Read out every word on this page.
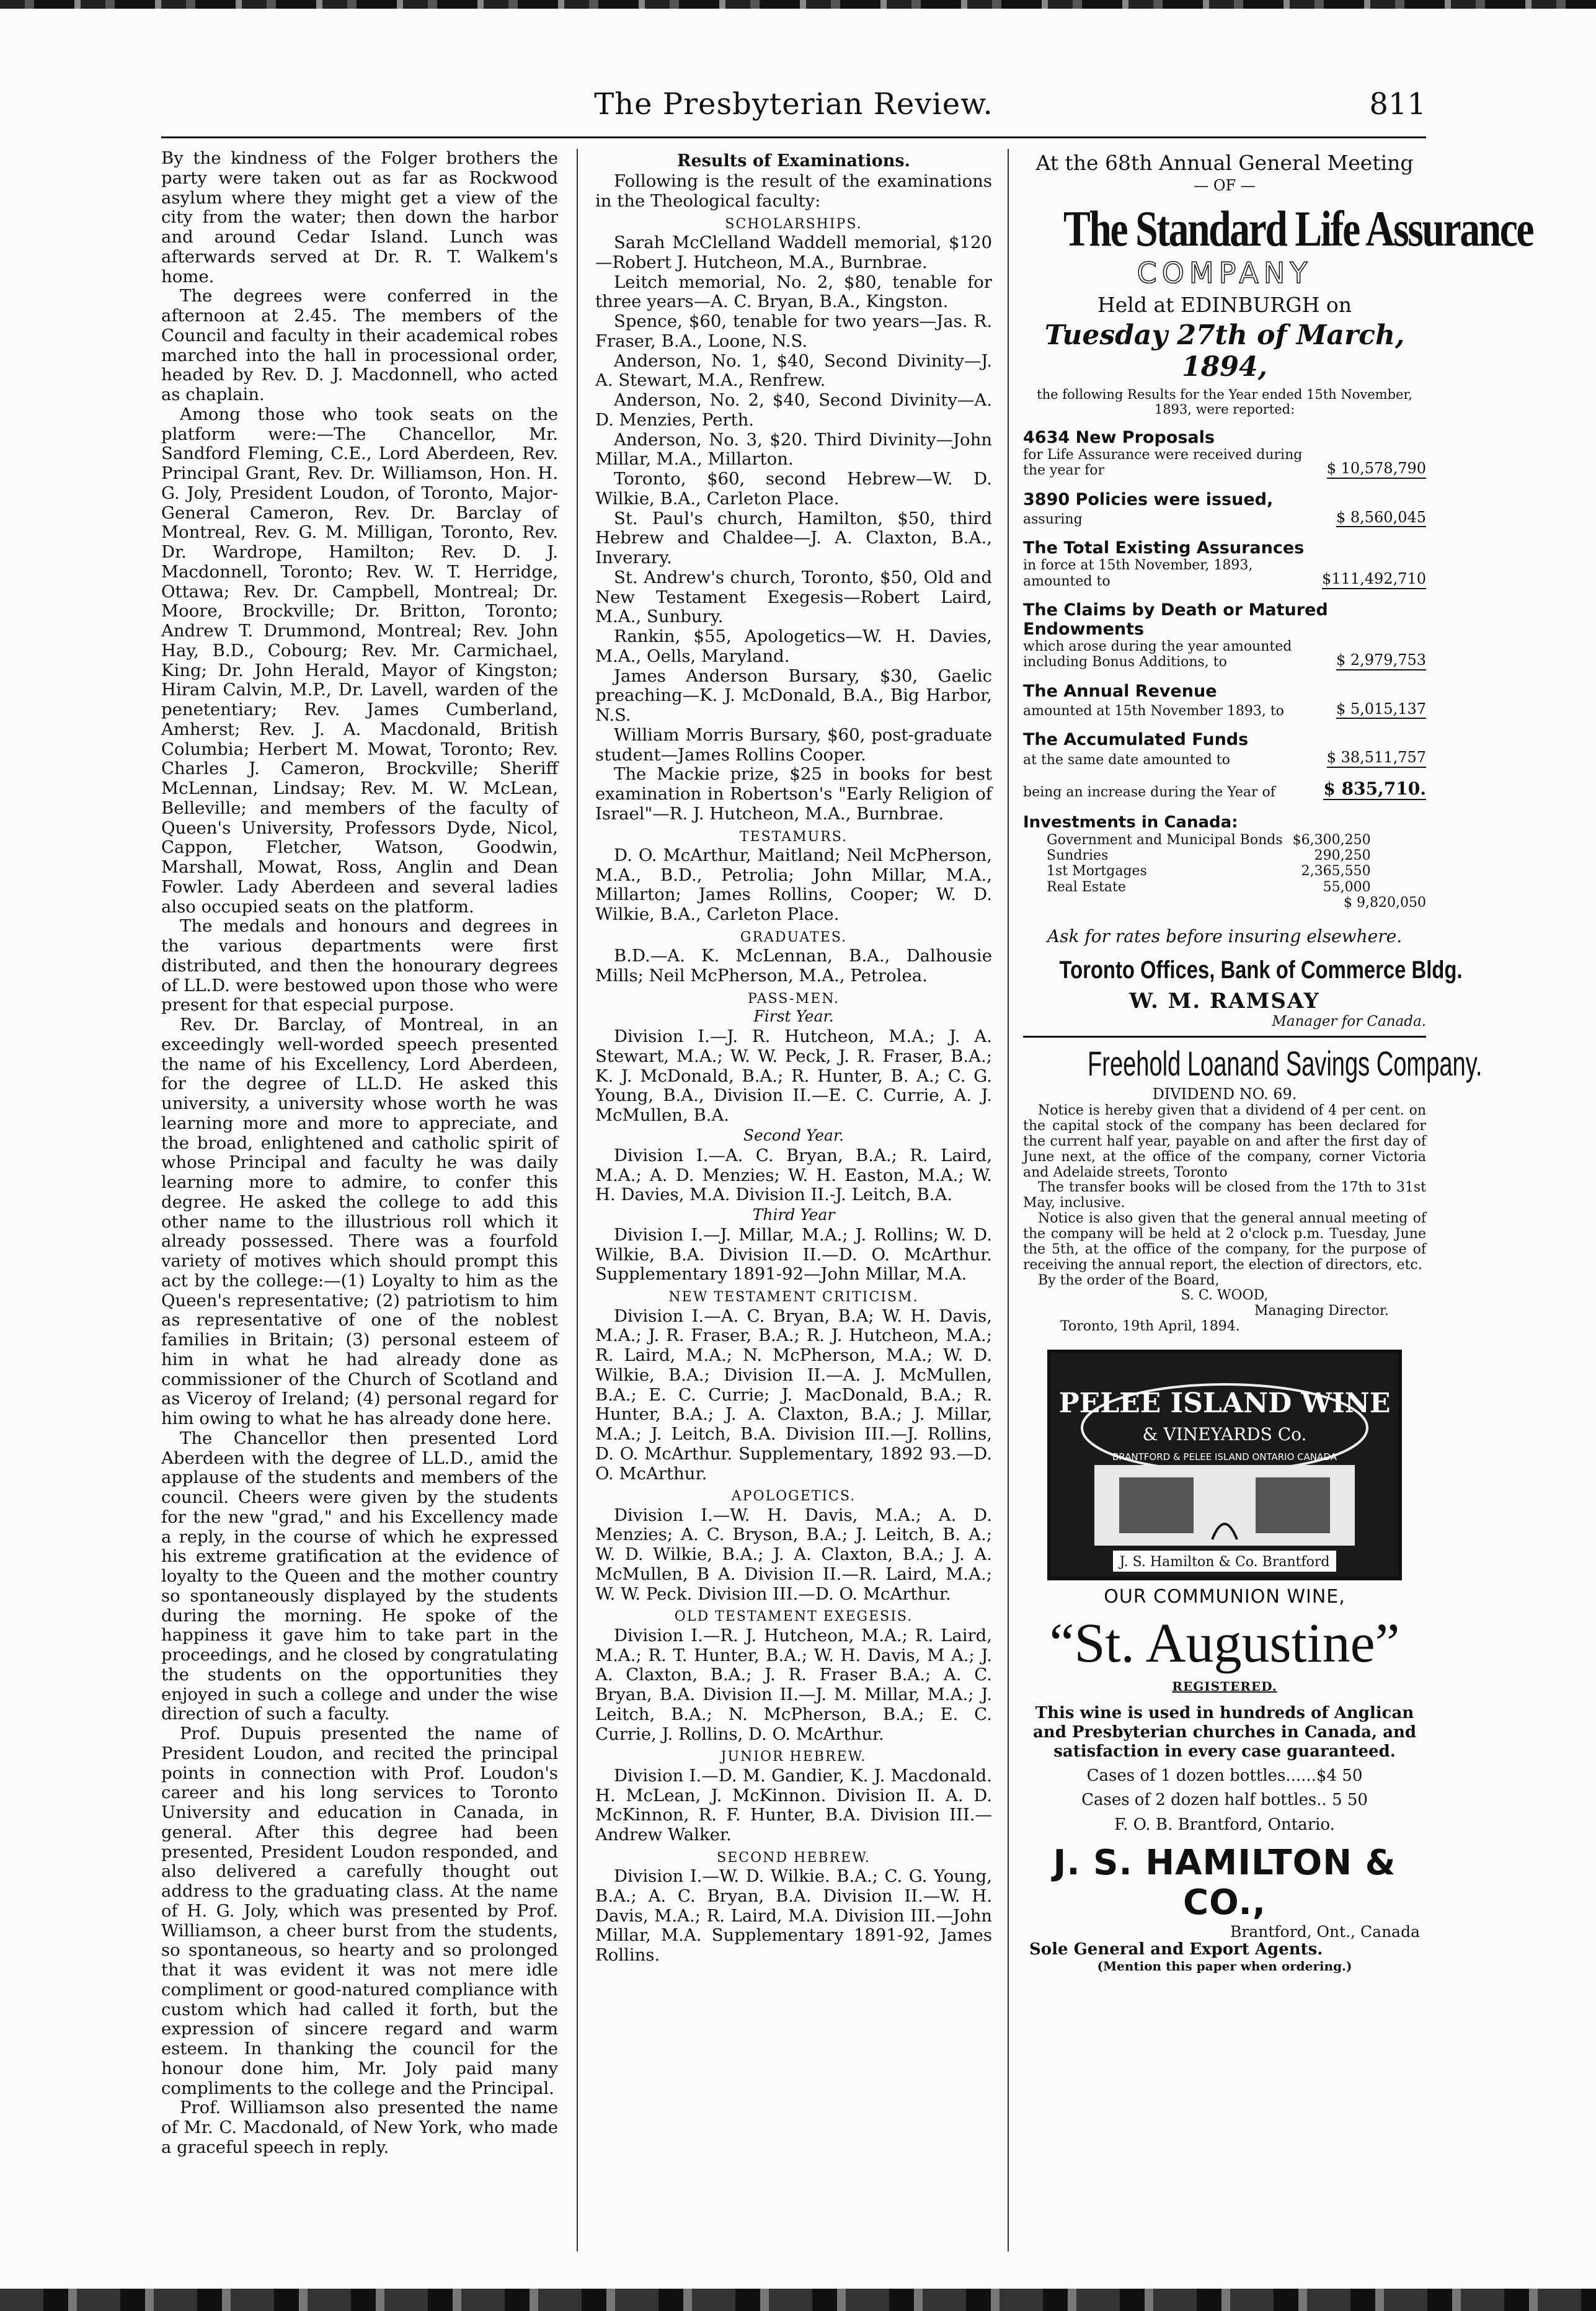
The Presbyterian Review.	811

By the kindness of the Folger brothers the party were taken out as far as Rockwood asylum where they might get a view of the city from the water; then down the harbor and around Cedar Island. Lunch was afterwards served at Dr. R. T. Walkem's home.

The degrees were conferred in the afternoon at 2.45. The members of the Council and faculty in their academical robes marched into the hall in processional order, headed by Rev. D. J. Macdonnell, who acted as chaplain.

Among those who took seats on the platform were:—The Chancellor, Mr. Sandford Fleming, C.E., Lord Aberdeen, Rev. Principal Grant, Rev. Dr. Williamson, Hon. H. G. Joly, President Loudon, of Toronto, Major-General Cameron, Rev. Dr. Barclay of Montreal, Rev. G. M. Milligan, Toronto, Rev. Dr. Wardrope, Hamilton; Rev. D. J. Macdonnell, Toronto; Rev. W. T. Herridge, Ottawa; Rev. Dr. Campbell, Montreal; Dr. Moore, Brockville; Dr. Britton, Toronto; Andrew T. Drummond, Montreal; Rev. John Hay, B.D., Cobourg; Rev. Mr. Carmichael, King; Dr. John Herald, Mayor of Kingston; Hiram Calvin, M.P., Dr. Lavell, warden of the penetentiary; Rev. James Cumberland, Amherst; Rev. J. A. Macdonald, British Columbia; Herbert M. Mowat, Toronto; Rev. Charles J. Cameron, Brockville; Sheriff McLennan, Lindsay; Rev. M. W. McLean, Belleville; and members of the faculty of Queen's University, Professors Dyde, Nicol, Cappon, Fletcher, Watson, Goodwin, Marshall, Mowat, Ross, Anglin and Dean Fowler. Lady Aberdeen and several ladies also occupied seats on the platform.

The medals and honours and degrees in the various departments were first distributed, and then the honourary degrees of LL.D. were bestowed upon those who were present for that especial purpose.

Rev. Dr. Barclay, of Montreal, in an exceedingly well-worded speech presented the name of his Excellency, Lord Aberdeen, for the degree of LL.D. He asked this university, a university whose worth he was learning more and more to appreciate, and the broad, enlightened and catholic spirit of whose Principal and faculty he was daily learning more to admire, to confer this degree. He asked the college to add this other name to the illustrious roll which it already possessed. There was a fourfold variety of motives which should prompt this act by the college:—(1) Loyalty to him as the Queen's representative; (2) patriotism to him as representative of one of the noblest families in Britain; (3) personal esteem of him in what he had already done as commissioner of the Church of Scotland and as Viceroy of Ireland; (4) personal regard for him owing to what he has already done here.

The Chancellor then presented Lord Aberdeen with the degree of LL.D., amid the applause of the students and members of the council. Cheers were given by the students for the new "grad," and his Excellency made a reply, in the course of which he expressed his extreme gratification at the evidence of loyalty to the Queen and the mother country so spontaneously displayed by the students during the morning. He spoke of the happiness it gave him to take part in the proceedings, and he closed by congratulating the students on the opportunities they enjoyed in such a college and under the wise direction of such a faculty.

Prof. Dupuis presented the name of President Loudon, and recited the principal points in connection with Prof. Loudon's career and his long services to Toronto University and education in Canada, in general. After this degree had been presented, President Loudon responded, and also delivered a carefully thought out address to the graduating class. At the name of H. G. Joly, which was presented by Prof. Williamson, a cheer burst from the students, so spontaneous, so hearty and so prolonged that it was evident it was not mere idle compliment or good-natured compliance with custom which had called it forth, but the expression of sincere regard and warm esteem. In thanking the council for the honour done him, Mr. Joly paid many compliments to the college and the Principal.

Prof. Williamson also presented the name of Mr. C. Macdonald, of New York, who made a graceful speech in reply.

Results of Examinations.

Following is the result of the examinations in the Theological faculty:

SCHOLARSHIPS.

Sarah McClelland Waddell memorial, $120 —Robert J. Hutcheon, M.A., Burnbrae.

Leitch memorial, No. 2, $80, tenable for three years—A. C. Bryan, B.A., Kingston.

Spence, $60, tenable for two years—Jas. R. Fraser, B.A., Loone, N.S.

Anderson, No. 1, $40, Second Divinity—J. A. Stewart, M.A., Renfrew.

Anderson, No. 2, $40, Second Divinity—A. D. Menzies, Perth.

Anderson, No. 3, $20. Third Divinity—John Millar, M.A., Millarton.

Toronto, $60, second Hebrew—W. D. Wilkie, B.A., Carleton Place.

St. Paul's church, Hamilton, $50, third Hebrew and Chaldee—J. A. Claxton, B.A., Inverary.

St. Andrew's church, Toronto, $50, Old and New Testament Exegesis—Robert Laird, M.A., Sunbury.

Rankin, $55, Apologetics—W. H. Davies, M.A., Oells, Maryland.

James Anderson Bursary, $30, Gaelic preaching—K. J. McDonald, B.A., Big Harbor, N.S.

William Morris Bursary, $60, post-graduate student—James Rollins Cooper.

The Mackie prize, $25 in books for best examination in Robertson's "Early Religion of Israel"—R. J. Hutcheon, M.A., Burnbrae.

TESTAMURS.

D. O. McArthur, Maitland; Neil McPherson, M.A., B.D., Petrolia; John Millar, M.A., Millarton; James Rollins, Cooper; W. D. Wilkie, B.A., Carleton Place.

GRADUATES.

B.D.—A. K. McLennan, B.A., Dalhousie Mills; Neil McPherson, M.A., Petrolea.

PASS-MEN.
First Year.

Division I.—J. R. Hutcheon, M.A.; J. A. Stewart, M.A.; W. W. Peck, J. R. Fraser, B.A.; K. J. McDonald, B.A.; R. Hunter, B. A.; C. G. Young, B.A., Division II.—E. C. Currie, A. J. McMullen, B.A.

Second Year.

Division I.—A. C. Bryan, B.A.; R. Laird, M.A.; A. D. Menzies; W. H. Easton, M.A.; W. H. Davies, M.A. Division II.-J. Leitch, B.A.

Third Year

Division I.—J. Millar, M.A.; J. Rollins; W. D. Wilkie, B.A. Division II.—D. O. McArthur. Supplementary 1891-92—John Millar, M.A.

NEW TESTAMENT CRITICISM.

Division I.—A. C. Bryan, B.A; W. H. Davis, M.A.; J. R. Fraser, B.A.; R. J. Hutcheon, M.A.; R. Laird, M.A.; N. McPherson, M.A.; W. D. Wilkie, B.A.; Division II.—A. J. McMullen, B.A.; E. C. Currie; J. MacDonald, B.A.; R. Hunter, B.A.; J. A. Claxton, B.A.; J. Millar, M.A.; J. Leitch, B.A. Division III.—J. Rollins, D. O. McArthur. Supplementary, 1892 93.—D. O. McArthur.

APOLOGETICS.

Division I.—W. H. Davis, M.A.; A. D. Menzies; A. C. Bryson, B.A.; J. Leitch, B. A.; W. D. Wilkie, B.A.; J. A. Claxton, B.A.; J. A. McMullen, B A. Division II.—R. Laird, M.A.; W. W. Peck. Division III.—D. O. McArthur.

OLD TESTAMENT EXEGESIS.

Division I.—R. J. Hutcheon, M.A.; R. Laird, M.A.; R. T. Hunter, B.A.; W. H. Davis, M A.; J. A. Claxton, B.A.; J. R. Fraser B.A.; A. C. Bryan, B.A. Division II.—J. M. Millar, M.A.; J. Leitch, B.A.; N. McPherson, B.A.; E. C. Currie, J. Rollins, D. O. McArthur.

JUNIOR HEBREW.

Division I.—D. M. Gandier, K. J. Macdonald. H. McLean, J. McKinnon. Division II. A. D. McKinnon, R. F. Hunter, B.A. Division III.—Andrew Walker.

SECOND HEBREW.

Division I.—W. D. Wilkie. B.A.; C. G. Young, B.A.; A. C. Bryan, B.A. Division II.—W. H. Davis, M.A.; R. Laird, M.A. Division III.—John Millar, M.A. Supplementary 1891-92, James Rollins.

At the 68th Annual General Meeting
— OF —
The Standard Life Assurance
COMPANY
Held at EDINBURGH on
Tuesday 27th of March, 1894,
the following Results for the Year ended 15th November, 1893, were reported:
4634 New Proposals
for Life Assurance were received during the year for	$ 10,578,790
3890 Policies were issued,
assuring	$ 8,560,045
The Total Existing Assurances
in force at 15th November, 1893, amounted to	$111,492,710
The Claims by Death or Matured Endowments
which arose during the year amounted including Bonus Additions, to	$ 2,979,753
The Annual Revenue
amounted at 15th November 1893, to	$ 5,015,137
The Accumulated Funds
at the same date amounted to	$ 38,511,757
being an increase during the Year of	$ 835,710.
Investments in Canada:
Government and Municipal Bonds	$6,300,250
Sundries	290,250
1st Mortgages	2,365,550
Real Estate	55,000
$ 9,820,050
Ask for rates before insuring elsewhere.
Toronto Offices, Bank of Commerce Bldg.
W. M. RAMSAY
Manager for Canada.
Freehold Loanand Savings Company.
DIVIDEND NO. 69.

Notice is hereby given that a dividend of 4 per cent. on the capital stock of the company has been declared for the current half year, payable on and after the first day of June next, at the office of the company, corner Victoria and Adelaide streets, Toronto

The transfer books will be closed from the 17th to 31st May, inclusive.

Notice is also given that the general annual meeting of the company will be held at 2 o'clock p.m. Tuesday, June the 5th, at the office of the company, for the purpose of receiving the annual report, the election of directors, etc.

By the order of the Board,

S. C. WOOD,
Managing Director.
Toronto, 19th April, 1894.
PELEE ISLAND WINE
& VINEYARDS Co.
BRANTFORD & PELEE ISLAND ONTARIO CANADA
J. S. Hamilton & Co. Brantford
OUR COMMUNION WINE,
“St. Augustine”
REGISTERED.
This wine is used in hundreds of Anglican and Presbyterian churches in Canada, and satisfaction in every case guaranteed.
Cases of 1 dozen bottles......$4 50
Cases of 2 dozen half bottles.. 5 50
F. O. B. Brantford, Ontario.
J. S. HAMILTON & CO.,
Brantford, Ont., Canada
Sole General and Export Agents.
(Mention this paper when ordering.)
